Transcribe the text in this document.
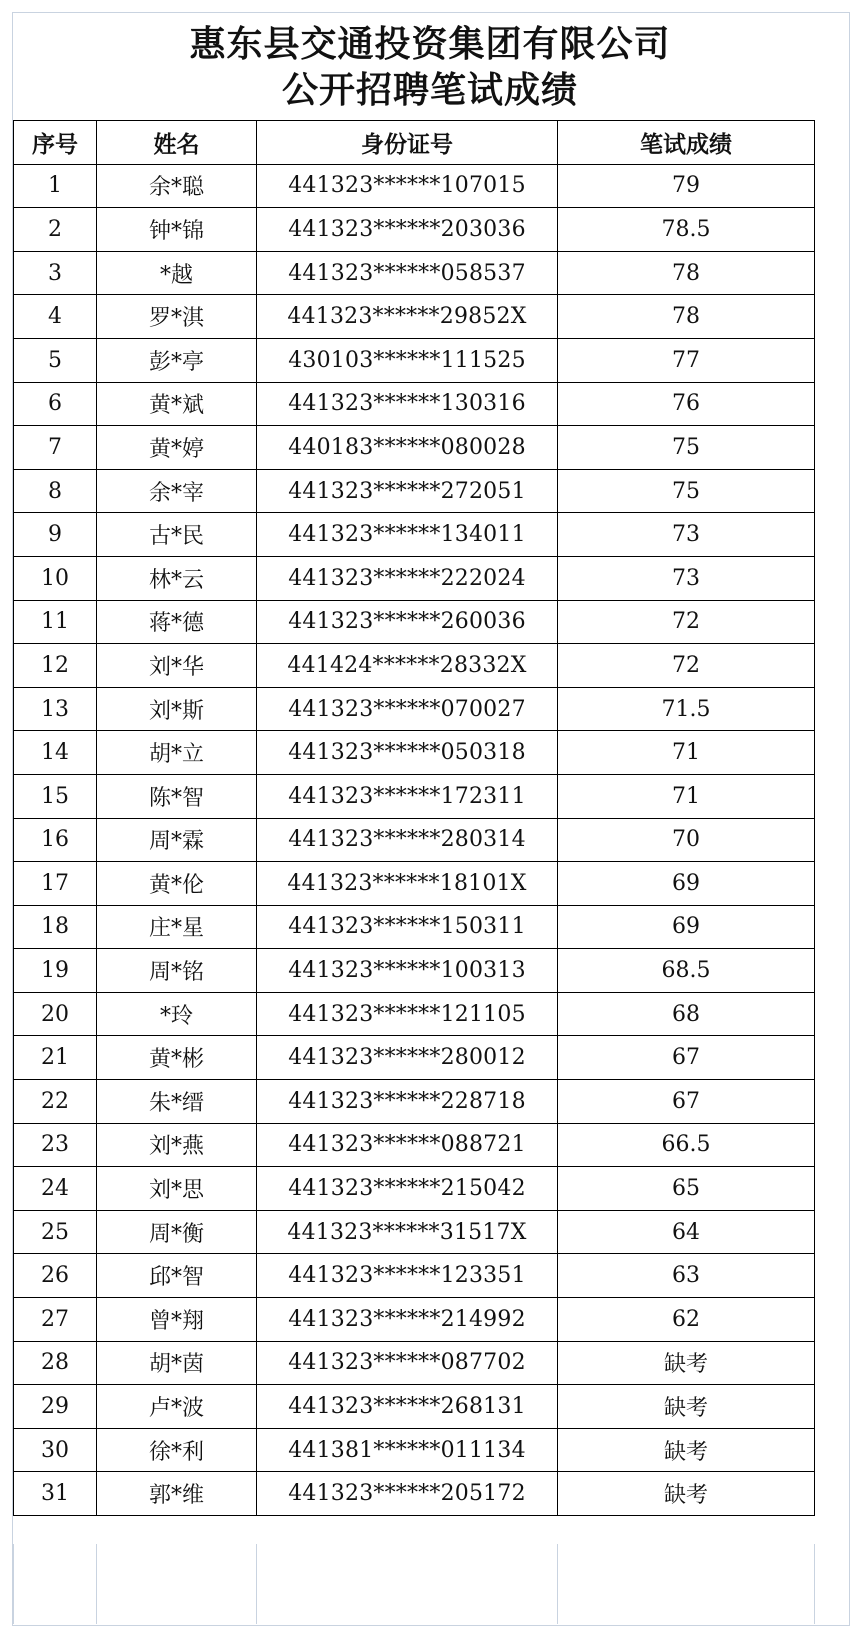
惠东县交通投资集团有限公司
公开招聘笔试成绩
序号	姓名	身份证号	笔试成绩
1	余*聪	441323******107015	79
2	钟*锦	441323******203036	78.5
3	*越	441323******058537	78
4	罗*淇	441323******29852X	78
5	彭*亭	430103******111525	77
6	黄*斌	441323******130316	76
7	黄*婷	440183******080028	75
8	余*宰	441323******272051	75
9	古*民	441323******134011	73
10	林*云	441323******222024	73
11	蒋*德	441323******260036	72
12	刘*华	441424******28332X	72
13	刘*斯	441323******070027	71.5
14	胡*立	441323******050318	71
15	陈*智	441323******172311	71
16	周*霖	441323******280314	70
17	黄*伦	441323******18101X	69
18	庄*星	441323******150311	69
19	周*铭	441323******100313	68.5
20	*玲	441323******121105	68
21	黄*彬	441323******280012	67
22	朱*缙	441323******228718	67
23	刘*燕	441323******088721	66.5
24	刘*思	441323******215042	65
25	周*衡	441323******31517X	64
26	邱*智	441323******123351	63
27	曾*翔	441323******214992	62
28	胡*茵	441323******087702	缺考
29	卢*波	441323******268131	缺考
30	徐*利	441381******011134	缺考
31	郭*维	441323******205172	缺考
